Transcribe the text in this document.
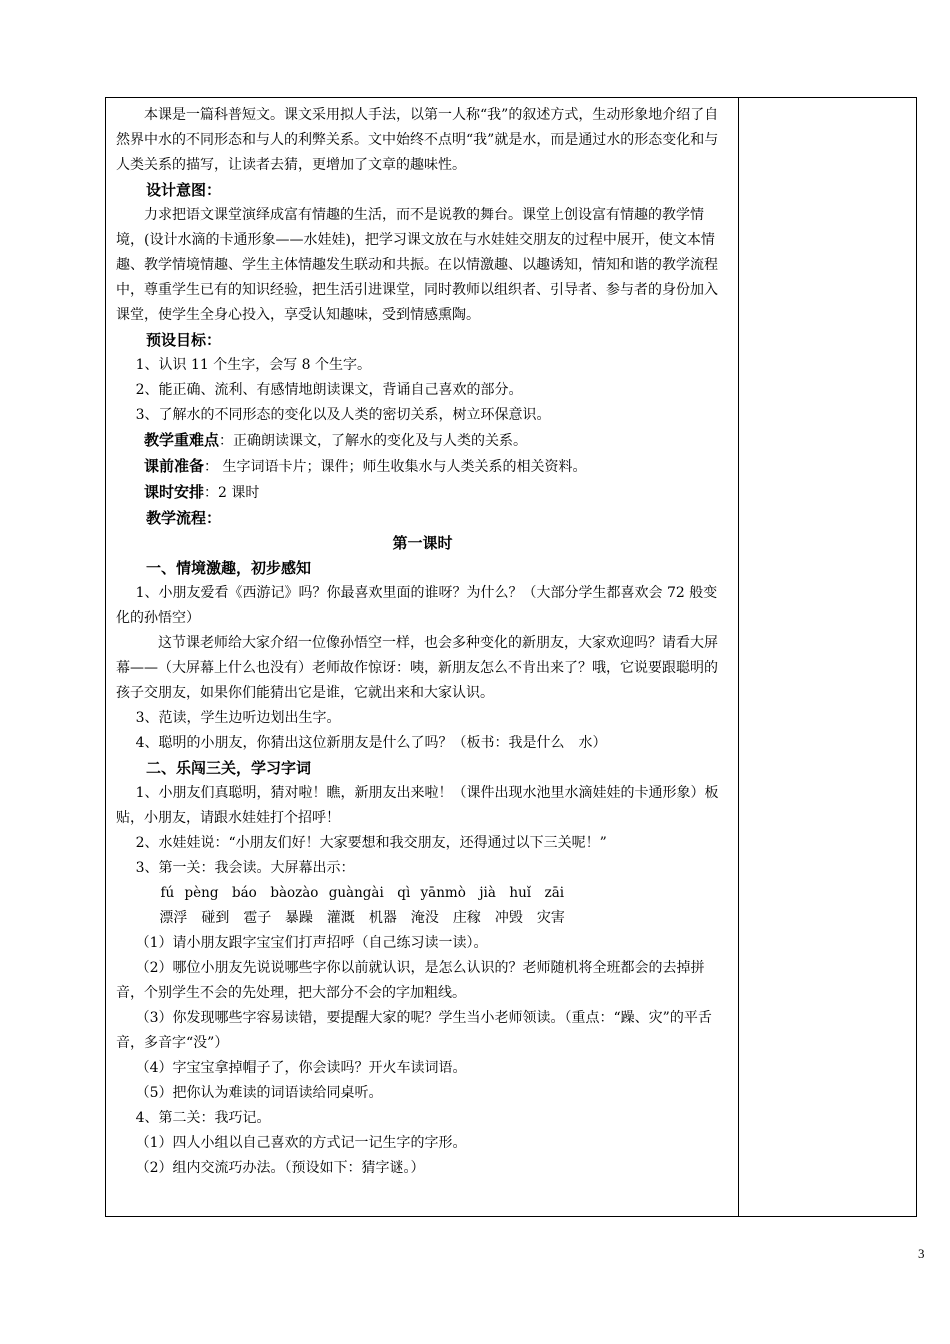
本课是一篇科普短文。课文采用拟人手法，以第一人称“我”的叙述方式，生动形象地介绍了自然界中水的不同形态和与人的利弊关系。文中始终不点明“我”就是水，而是通过水的形态变化和与人类关系的描写，让读者去猜，更增加了文章的趣味性。

设计意图：

力求把语文课堂演绎成富有情趣的生活，而不是说教的舞台。课堂上创设富有情趣的教学情境，(设计水滴的卡通形象——水娃娃)，把学习课文放在与水娃娃交朋友的过程中展开，使文本情趣、教学情境情趣、学生主体情趣发生联动和共振。在以情激趣、以趣诱知，情知和谐的教学流程中，尊重学生已有的知识经验，把生活引进课堂，同时教师以组织者、引导者、参与者的身份加入课堂，使学生全身心投入，享受认知趣味，受到情感熏陶。

预设目标：

1、认识 11 个生字，会写 8 个生字。

2、能正确、流利、有感情地朗读课文，背诵自己喜欢的部分。

3、了解水的不同形态的变化以及人类的密切关系，树立环保意识。

教学重难点：正确朗读课文，了解水的变化及与人类的关系。

课前准备： 生字词语卡片；课件；师生收集水与人类关系的相关资料。

课时安排：2 课时

教学流程：

第一课时

一、情境激趣，初步感知

1、小朋友爱看《西游记》吗？你最喜欢里面的谁呀？为什么？（大部分学生都喜欢会 72 般变化的孙悟空）

这节课老师给大家介绍一位像孙悟空一样，也会多种变化的新朋友，大家欢迎吗？请看大屏幕——（大屏幕上什么也没有）老师故作惊讶：咦，新朋友怎么不肯出来了？哦，它说要跟聪明的孩子交朋友，如果你们能猜出它是谁，它就出来和大家认识。

3、范读，学生边听边划出生字。

4、聪明的小朋友，你猜出这位新朋友是什么了吗？（板书：我是什么　水）

二、乐闯三关，学习字词

1、小朋友们真聪明，猜对啦！瞧，新朋友出来啦！（课件出现水池里水滴娃娃的卡通形象）板贴，小朋友，请跟水娃娃打个招呼！

2、水娃娃说：“小朋友们好！大家要想和我交朋友，还得通过以下三关呢！”

3、第一关：我会读。大屏幕出示：

fú pèng　báo　bàozào guàngài　qì yānmò　jià　huǐ　zāi

漂浮　碰到　雹子 暴躁　灌溉　机器　淹没　庄稼　冲毁　灾害

（1）请小朋友跟字宝宝们打声招呼（自己练习读一读）。

（2）哪位小朋友先说说哪些字你以前就认识，是怎么认识的？老师随机将全班都会的去掉拼音，个别学生不会的先处理，把大部分不会的字加粗线。

（3）你发现哪些字容易读错，要提醒大家的呢？学生当小老师领读。（重点：“躁、灾”的平舌音，多音字“没”）

（4）字宝宝拿掉帽子了，你会读吗？开火车读词语。

（5）把你认为难读的词语读给同桌听。

4、第二关：我巧记。

（1）四人小组以自己喜欢的方式记一记生字的字形。

（2）组内交流巧办法。（预设如下：猜字谜。）

3
